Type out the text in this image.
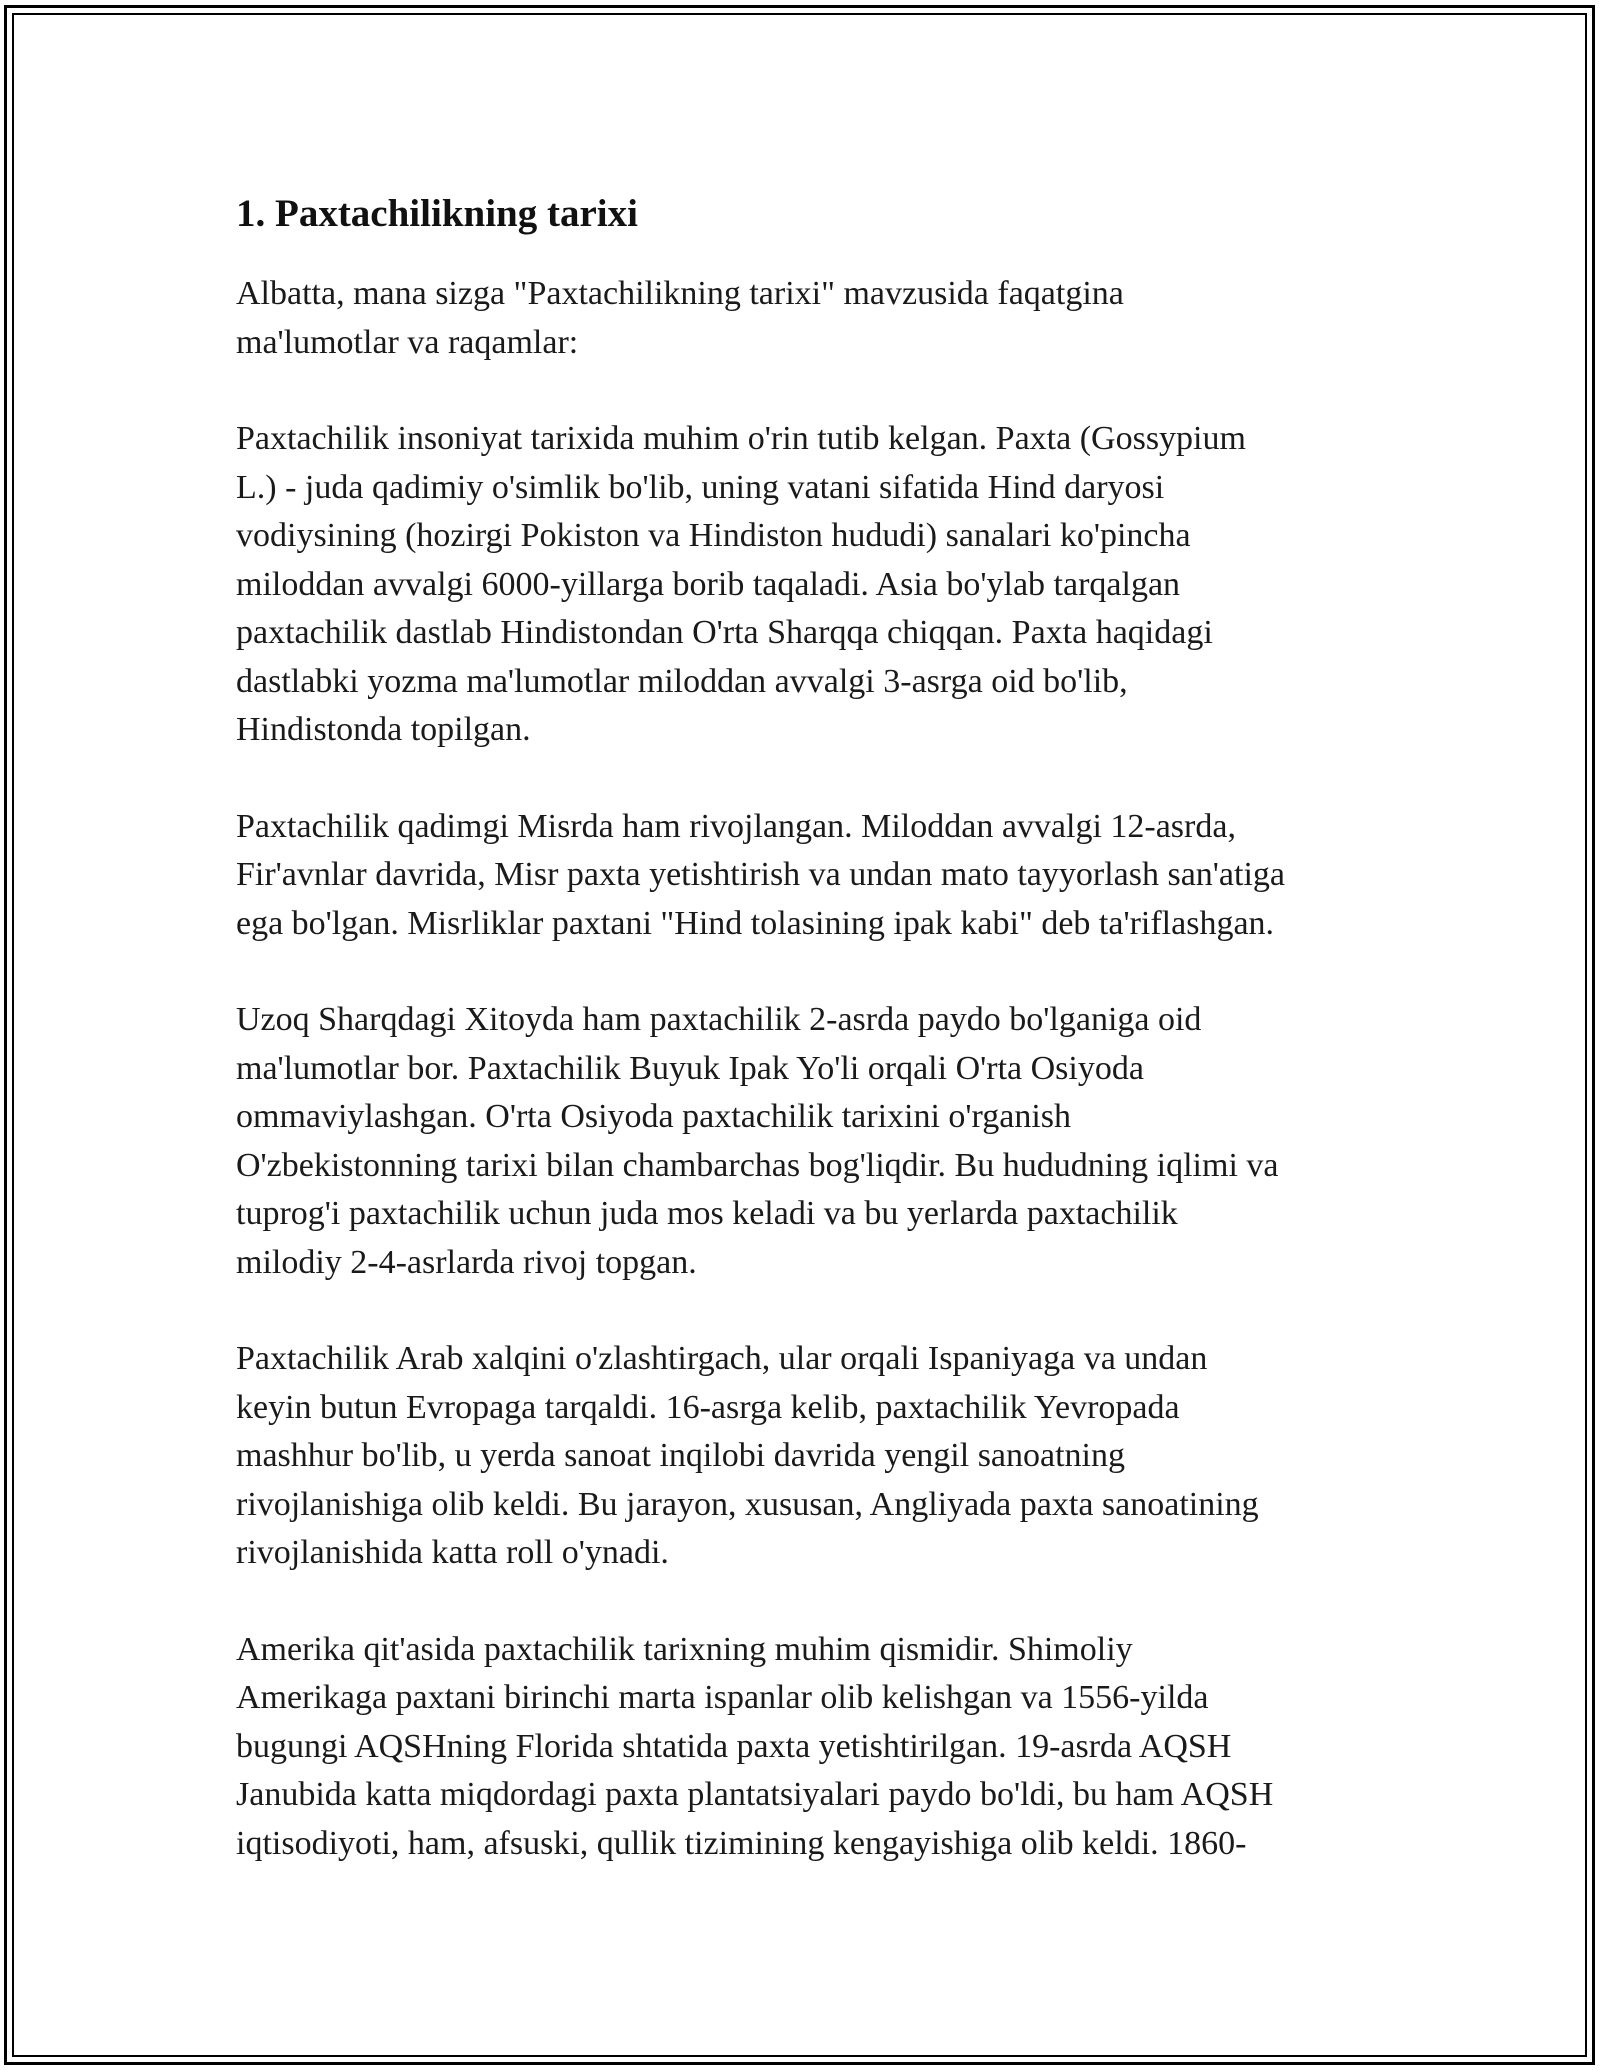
1. Paxtachilikning tarixi

Albatta, mana sizga "Paxtachilikning tarixi" mavzusida faqatgina
ma'lumotlar va raqamlar:

Paxtachilik insoniyat tarixida muhim o'rin tutib kelgan. Paxta (Gossypium
L.) - juda qadimiy o'simlik bo'lib, uning vatani sifatida Hind daryosi
vodiysining (hozirgi Pokiston va Hindiston hududi) sanalari ko'pincha
miloddan avvalgi 6000-yillarga borib taqaladi. Asia bo'ylab tarqalgan
paxtachilik dastlab Hindistondan O'rta Sharqqa chiqqan. Paxta haqidagi
dastlabki yozma ma'lumotlar miloddan avvalgi 3-asrga oid bo'lib,
Hindistonda topilgan.

Paxtachilik qadimgi Misrda ham rivojlangan. Miloddan avvalgi 12-asrda,
Fir'avnlar davrida, Misr paxta yetishtirish va undan mato tayyorlash san'atiga
ega bo'lgan. Misrliklar paxtani "Hind tolasining ipak kabi" deb ta'riflashgan.

Uzoq Sharqdagi Xitoyda ham paxtachilik 2-asrda paydo bo'lganiga oid
ma'lumotlar bor. Paxtachilik Buyuk Ipak Yo'li orqali O'rta Osiyoda
ommaviylashgan. O'rta Osiyoda paxtachilik tarixini o'rganish
O'zbekistonning tarixi bilan chambarchas bog'liqdir. Bu hududning iqlimi va
tuprog'i paxtachilik uchun juda mos keladi va bu yerlarda paxtachilik
milodiy 2-4-asrlarda rivoj topgan.

Paxtachilik Arab xalqini o'zlashtirgach, ular orqali Ispaniyaga va undan
keyin butun Evropaga tarqaldi. 16-asrga kelib, paxtachilik Yevropada
mashhur bo'lib, u yerda sanoat inqilobi davrida yengil sanoatning
rivojlanishiga olib keldi. Bu jarayon, xususan, Angliyada paxta sanoatining
rivojlanishida katta roll o'ynadi.

Amerika qit'asida paxtachilik tarixning muhim qismidir. Shimoliy
Amerikaga paxtani birinchi marta ispanlar olib kelishgan va 1556-yilda
bugungi AQSHning Florida shtatida paxta yetishtirilgan. 19-asrda AQSH
Janubida katta miqdordagi paxta plantatsiyalari paydo bo'ldi, bu ham AQSH
iqtisodiyoti, ham, afsuski, qullik tizimining kengayishiga olib keldi. 1860-
